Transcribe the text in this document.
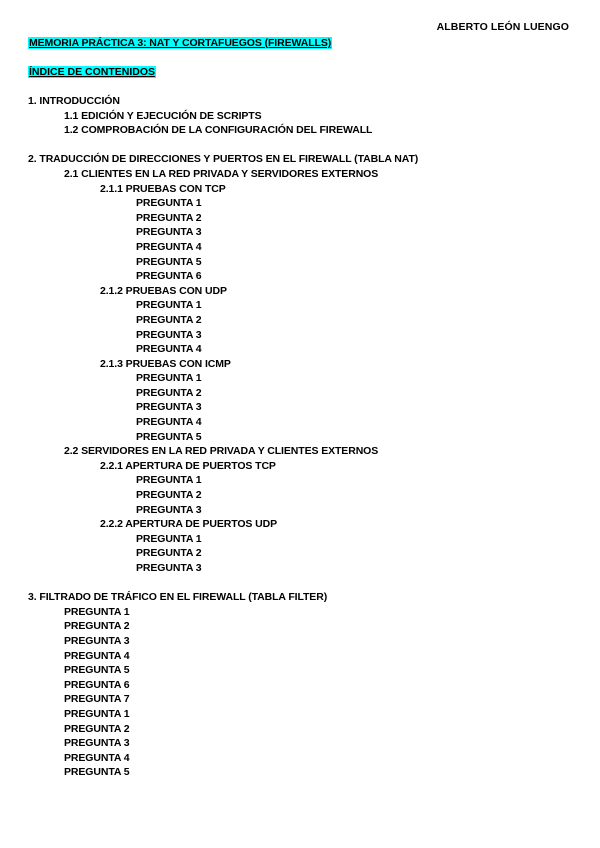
ALBERTO LEÓN LUENGO
MEMORIA PRÁCTICA 3: NAT Y CORTAFUEGOS (FIREWALLS)
ÍNDICE DE CONTENIDOS
1. INTRODUCCIÓN
1.1 EDICIÓN Y EJECUCIÓN DE SCRIPTS
1.2 COMPROBACIÓN DE LA CONFIGURACIÓN DEL FIREWALL
2. TRADUCCIÓN DE DIRECCIONES Y PUERTOS EN EL FIREWALL (TABLA NAT)
2.1 CLIENTES EN LA RED PRIVADA Y SERVIDORES EXTERNOS
2.1.1 PRUEBAS CON TCP
PREGUNTA 1
PREGUNTA 2
PREGUNTA 3
PREGUNTA 4
PREGUNTA 5
PREGUNTA 6
2.1.2 PRUEBAS CON UDP
PREGUNTA 1
PREGUNTA 2
PREGUNTA 3
PREGUNTA 4
2.1.3 PRUEBAS CON ICMP
PREGUNTA 1
PREGUNTA 2
PREGUNTA 3
PREGUNTA 4
PREGUNTA 5
2.2 SERVIDORES EN LA RED PRIVADA Y CLIENTES EXTERNOS
2.2.1 APERTURA DE PUERTOS TCP
PREGUNTA 1
PREGUNTA 2
PREGUNTA 3
2.2.2 APERTURA DE PUERTOS UDP
PREGUNTA 1
PREGUNTA 2
PREGUNTA 3
3. FILTRADO DE TRÁFICO EN EL FIREWALL (TABLA FILTER)
PREGUNTA 1
PREGUNTA 2
PREGUNTA 3
PREGUNTA 4
PREGUNTA 5
PREGUNTA 6
PREGUNTA 7
PREGUNTA 1
PREGUNTA 2
PREGUNTA 3
PREGUNTA 4
PREGUNTA 5
